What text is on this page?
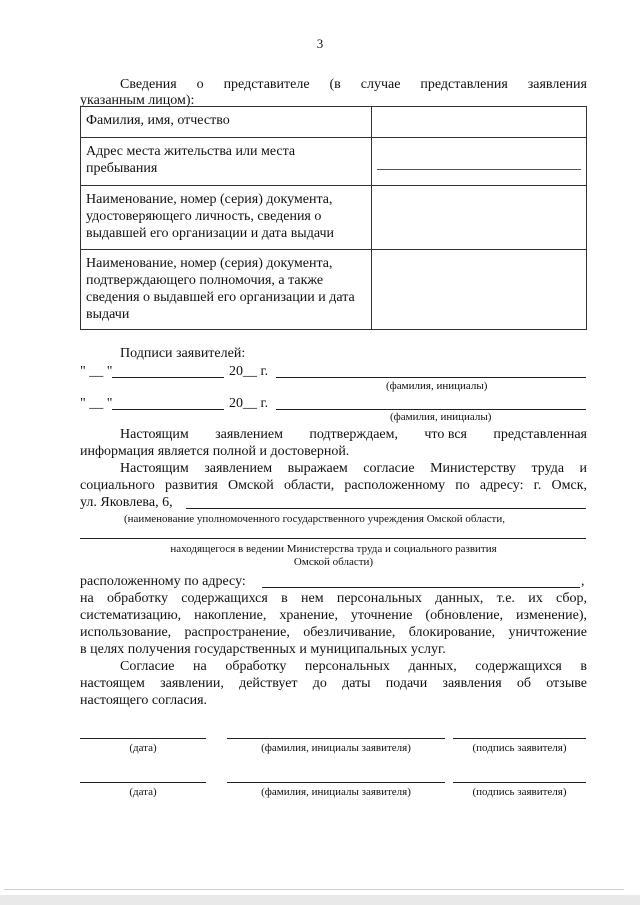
3
Сведения о представителе (в случае представления заявления
указанным лицом):
Фамилия, имя, отчество	
Адрес места жительства или места пребывания	

Наименование, номер (серия) документа, удостоверяющего личность, сведения о выдавшей его организации и дата выдачи	
Наименование, номер (серия) документа, подтверждающего полномочия, а также сведения о выдавшей его организации и дата выдачи	
Подписи заявителей:
" __ "	20__ г.
(фамилия, инициалы)
" __ "	20__ г.
(фамилия, инициалы)
Настоящим заявлением подтверждаем, что вся представленная
информация является полной и достоверной.
Настоящим заявлением выражаем согласие Министерству труда и
социального развития Омской области, расположенному по адресу: г. Омск,
ул. Яковлева, 6,
(наименование уполномоченного государственного учреждения Омской области,
находящегося в ведении Министерства труда и социального развития
Омской области)
расположенному по адресу:	,
на обработку содержащихся в нем персональных данных, т.е. их сбор,
систематизацию, накопление, хранение, уточнение (обновление, изменение),
использование, распространение, обезличивание, блокирование, уничтожение
в целях получения государственных и муниципальных услуг.
Согласие на обработку персональных данных, содержащихся в
настоящем заявлении, действует до даты подачи заявления об отзыве
настоящего согласия.
(дата)	(фамилия, инициалы заявителя)	(подпись заявителя)
(дата)	(фамилия, инициалы заявителя)	(подпись заявителя)
